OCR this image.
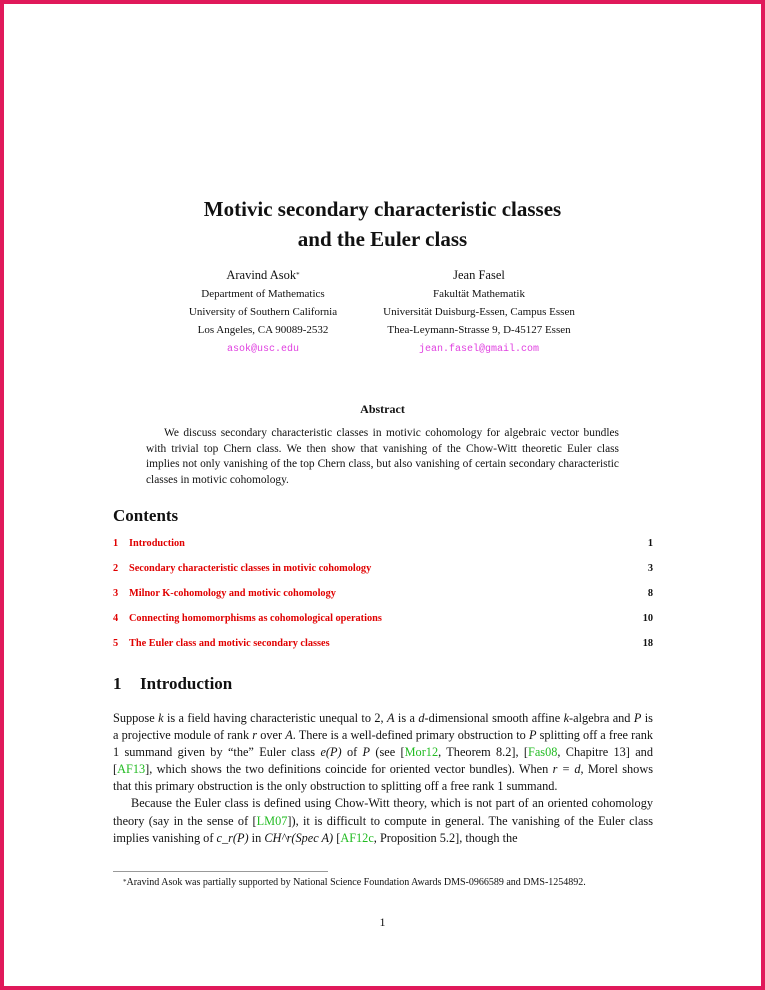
Motivic secondary characteristic classes
and the Euler class
Aravind Asok*
Department of Mathematics
University of Southern California
Los Angeles, CA 90089-2532
asok@usc.edu
Jean Fasel
Fakultät Mathematik
Universität Duisburg-Essen, Campus Essen
Thea-Leymann-Strasse 9, D-45127 Essen
jean.fasel@gmail.com
Abstract
We discuss secondary characteristic classes in motivic cohomology for algebraic vector bundles with trivial top Chern class. We then show that vanishing of the Chow-Witt theoretic Euler class implies not only vanishing of the top Chern class, but also vanishing of certain secondary characteristic classes in motivic cohomology.
Contents
1	Introduction	1
2	Secondary characteristic classes in motivic cohomology	3
3	Milnor K-cohomology and motivic cohomology	8
4	Connecting homomorphisms as cohomological operations	10
5	The Euler class and motivic secondary classes	18
1 Introduction

Suppose k is a field having characteristic unequal to 2, A is a d-dimensional smooth affine k-algebra and P is a projective module of rank r over A. There is a well-defined primary obstruction to P splitting off a free rank 1 summand given by “the” Euler class e(P) of P (see [Mor12, Theorem 8.2], [Fas08, Chapitre 13] and [AF13], which shows the two definitions coincide for oriented vector bundles). When r = d, Morel shows that this primary obstruction is the only obstruction to splitting off a free rank 1 summand.

Because the Euler class is defined using Chow-Witt theory, which is not part of an oriented cohomology theory (say in the sense of [LM07]), it is difficult to compute in general. The vanishing of the Euler class implies vanishing of c_r(P) in CH^r(Spec A) [AF12c, Proposition 5.2], though the

*Aravind Asok was partially supported by National Science Foundation Awards DMS-0966589 and DMS-1254892.
1
